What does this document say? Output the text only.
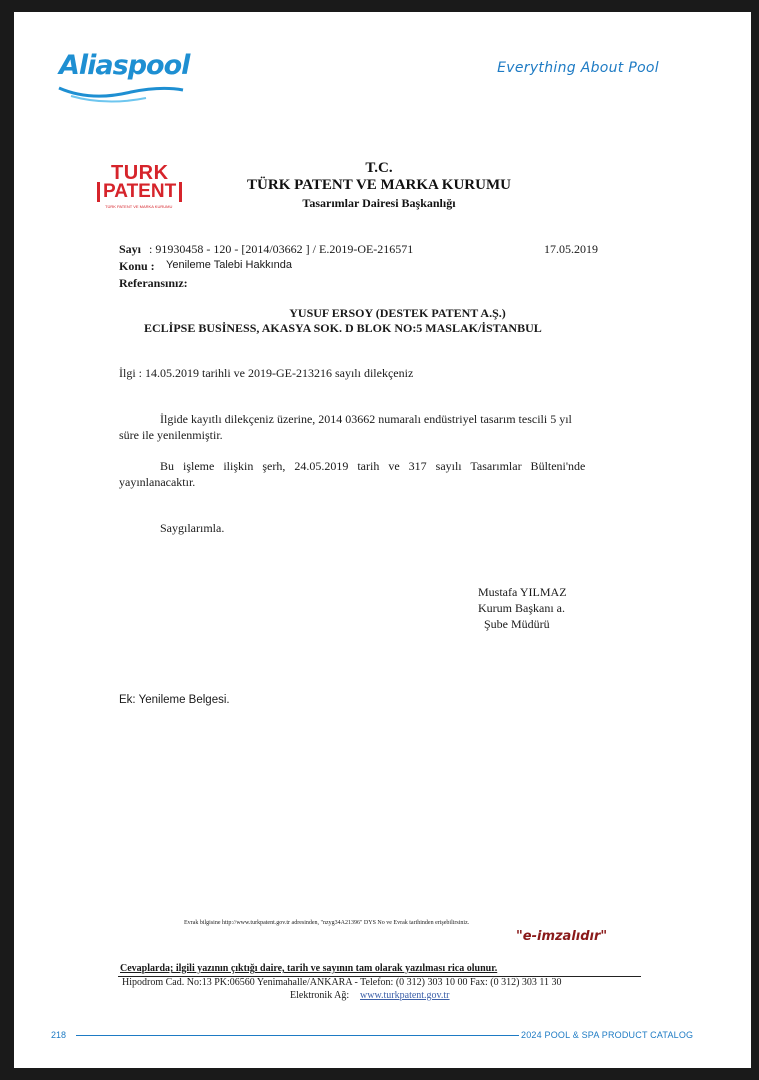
Aliaspool	Everything About Pool
TURK
PATENT
TÜRK PATENT VE MARKA KURUMU
T.C.
TÜRK PATENT VE MARKA KURUMU
Tasarımlar Dairesi Başkanlığı
Sayı : 91930458 - 120 - [2014/03662 ] / E.2019-OE-216571	17.05.2019
Konu : Yenileme Talebi Hakkında
Referansınız:
YUSUF ERSOY (DESTEK PATENT A.Ş.)
ECLİPSE BUSİNESS, AKASYA SOK. D BLOK NO:5 MASLAK/İSTANBUL
İlgi : 14.05.2019 tarihli ve 2019-GE-213216 sayılı dilekçeniz
İlgide kayıtlı dilekçeniz üzerine, 2014 03662 numaralı endüstriyel tasarım tescili 5 yıl
süre ile yenilenmiştir.
Bu   işleme   ilişkin   şerh,   24.05.2019   tarih   ve   317   sayılı   Tasarımlar   Bülteni'nde
yayınlanacaktır.
Saygılarımla.
Mustafa YILMAZ
Kurum Başkanı a.
Şube Müdürü
Ek: Yenileme Belgesi.
Evrak bilgisine http://www.turkpatent.gov.tr adresinden, "nzyg34A21396" DYS No ve Evrak tarihinden erişebilirsiniz.
"e-imzalıdır"
Cevaplarda; ilgili yazının çıktığı daire, tarih ve sayının tam olarak yazılması rica olunur.
Hipodrom Cad. No:13 PK:06560 Yenimahalle/ANKARA - Telefon: (0 312) 303 10 00 Fax: (0 312) 303 11 30
Elektronik Ağ: www.turkpatent.gov.tr
218	2024 POOL & SPA PRODUCT CATALOG
